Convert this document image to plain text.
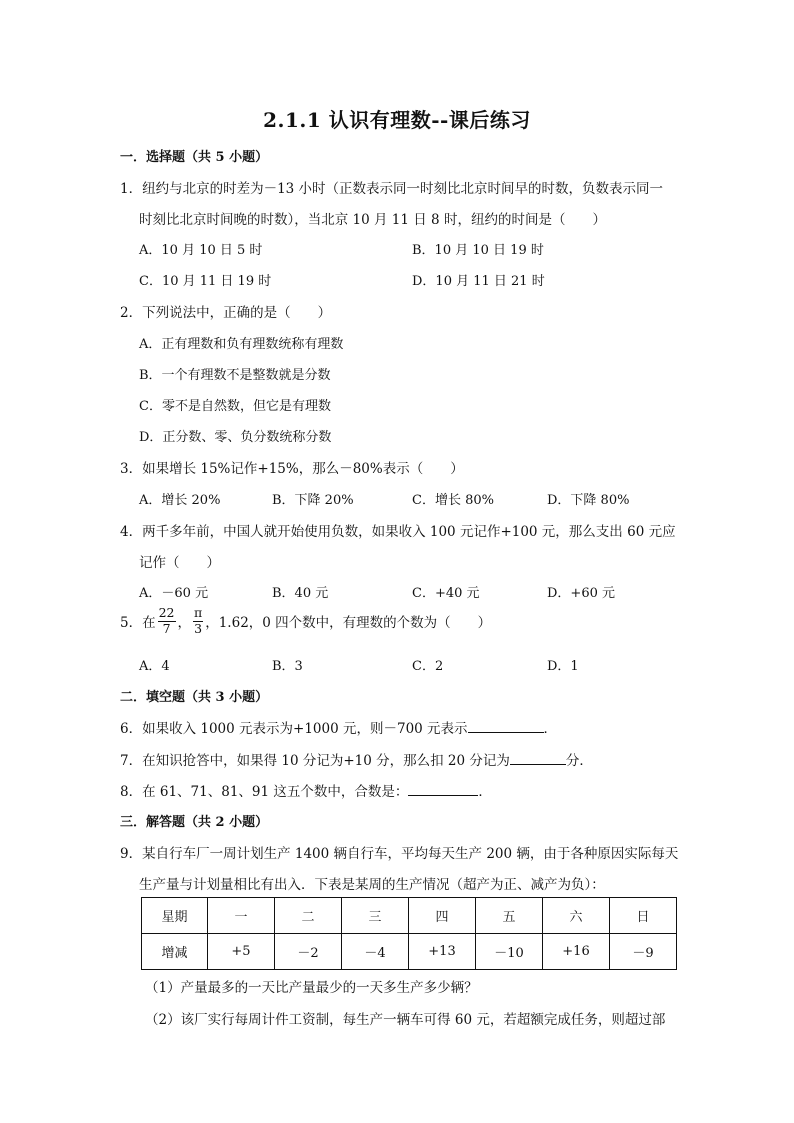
2.1.1 认识有理数--课后练习
一．选择题（共 5 小题）
1．纽约与北京的时差为－13 小时（正数表示同一时刻比北京时间早的时数，负数表示同一
时刻比北京时间晚的时数），当北京 10 月 11 日 8 时，纽约的时间是（　　）
A．10 月 10 日 5 时	B．10 月 10 日 19 时
C．10 月 11 日 19 时	D．10 月 11 日 21 时
2．下列说法中，正确的是（　　）
A．正有理数和负有理数统称有理数
B．一个有理数不是整数就是分数
C．零不是自然数，但它是有理数
D．正分数、零、负分数统称分数
3．如果增长 15%记作+15%，那么－80%表示（　　）
A．增长 20%	B．下降 20%	C．增长 80%	D．下降 80%
4．两千多年前，中国人就开始使用负数，如果收入 100 元记作+100 元，那么支出 60 元应
记作（　　）
A．－60 元	B．40 元	C．+40 元	D．+60 元
5．在 $\frac{22}{7}$ ， $\frac{\pi}{3}$ ，1.62，0 四个数中，有理数的个数为（　　）
A．4	B．3	C．2	D．1
二．填空题（共 3 小题）
6．如果收入 1000 元表示为+1000 元，则－700 元表示	．
7．在知识抢答中，如果得 10 分记为+10 分，那么扣 20 分记为	分．
8．在 61、71、81、91 这五个数中，合数是：	．
三．解答题（共 2 小题）
9．某自行车厂一周计划生产 1400 辆自行车，平均每天生产 200 辆，由于各种原因实际每天
生产量与计划量相比有出入．下表是某周的生产情况（超产为正、减产为负）：
星期	一	二	三	四	五	六	日
增减	+5	－2	－4	+13	－10	+16	－9
（1）产量最多的一天比产量最少的一天多生产多少辆？
（2）该厂实行每周计件工资制，每生产一辆车可得 60 元，若超额完成任务，则超过部
